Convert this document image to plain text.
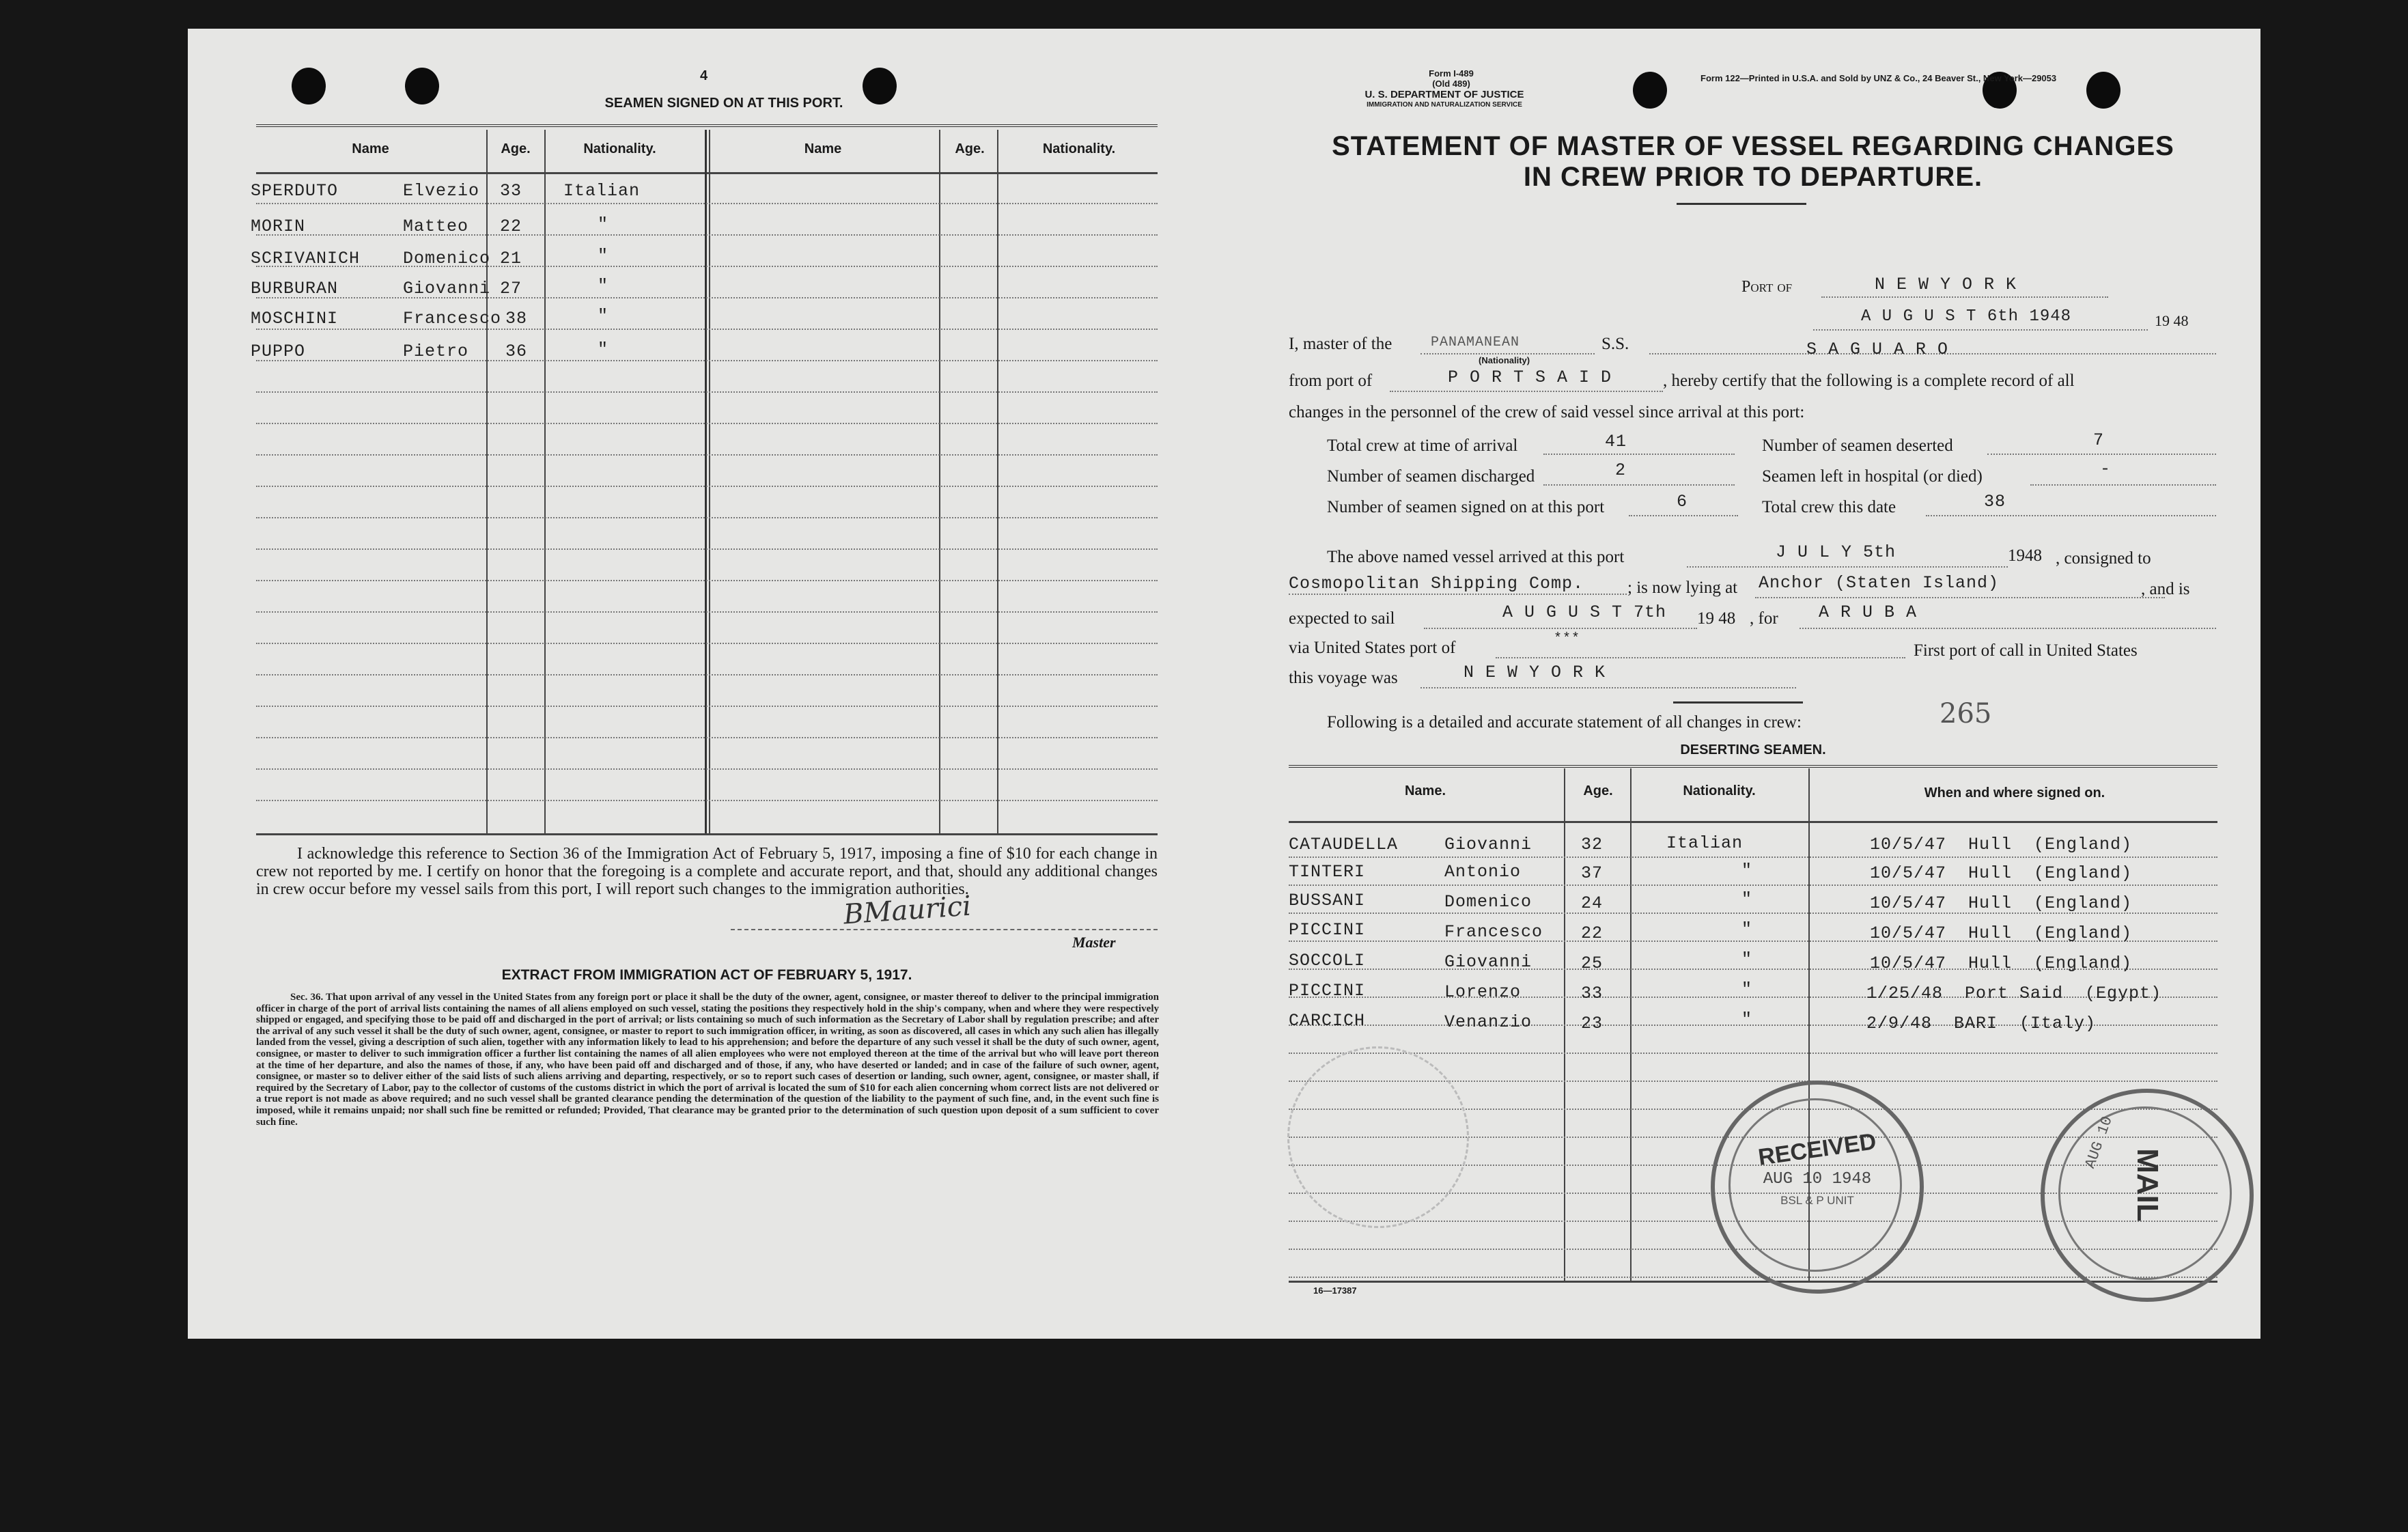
4
SEAMEN SIGNED ON AT THIS PORT.
Name	Age.	Nationality.	Name	Age.	Nationality.
SPERDUTO	Elvezio 33 Italian
MORIN	Matteo 22	"
SCRIVANICH	Domenico 21	"
BURBURAN	Giovanni 27	"
MOSCHINI	Francesco 38	"
PUPPO	Pietro 36	"
I acknowledge this reference to Section 36 of the Immigration Act of February 5, 1917, imposing a fine of $10 for each change in crew not reported by me. I certify on honor that the foregoing is a complete and accurate report, and that, should any additional changes in crew occur before my vessel sails from this port, I will report such changes to the immigration authorities.
BMaurici
Master
EXTRACT FROM IMMIGRATION ACT OF FEBRUARY 5, 1917.
Sec. 36. That upon arrival of any vessel in the United States from any foreign port or place it shall be the duty of the owner, agent, consignee, or master thereof to deliver to the principal immigration officer in charge of the port of arrival lists containing the names of all aliens employed on such vessel, stating the positions they respectively hold in the ship's company, when and where they were respectively shipped or engaged, and specifying those to be paid off and discharged in the port of arrival; or lists containing so much of such information as the Secretary of Labor shall by regulation prescribe; and after the arrival of any such vessel it shall be the duty of such owner, agent, consignee, or master to report to such immigration officer, in writing, as soon as discovered, all cases in which any such alien has illegally landed from the vessel, giving a description of such alien, together with any information likely to lead to his apprehension; and before the departure of any such vessel it shall be the duty of such owner, agent, consignee, or master to deliver to such immigration officer a further list containing the names of all alien employees who were not employed thereon at the time of the arrival but who will leave port thereon at the time of her departure, and also the names of those, if any, who have been paid off and discharged and of those, if any, who have deserted or landed; and in case of the failure of such owner, agent, consignee, or master so to deliver either of the said lists of such aliens arriving and departing, respectively, or so to report such cases of desertion or landing, such owner, agent, consignee, or master shall, if required by the Secretary of Labor, pay to the collector of customs of the customs district in which the port of arrival is located the sum of $10 for each alien concerning whom correct lists are not delivered or a true report is not made as above required; and no such vessel shall be granted clearance pending the determination of the question of the liability to the payment of such fine, and, in the event such fine is imposed, while it remains unpaid; nor shall such fine be remitted or refunded; Provided, That clearance may be granted prior to the determination of such question upon deposit of a sum sufficient to cover such fine.
Form I-489
(Old 489)
U. S. DEPARTMENT OF JUSTICE
IMMIGRATION AND NATURALIZATION SERVICE
Form 122—Printed in U.S.A. and Sold by UNZ & Co., 24 Beaver St., New York—29053
STATEMENT OF MASTER OF VESSEL REGARDING CHANGES
IN CREW PRIOR TO DEPARTURE.
Port of	N E W Y O R K
A U G U S T 6th 1948	19 48
I, master of the	PANAMANEAN
(Nationality)
S.S.	S A G U A R O
from port of	P O R T S A I D	, hereby certify that the following is a complete record of all
changes in the personnel of the crew of said vessel since arrival at this port:
Total crew at time of arrival	41	Number of seamen deserted	7
Number of seamen discharged	2	Seamen left in hospital (or died)	-
Number of seamen signed on at this port	6	Total crew this date	38
The above named vessel arrived at this port	J U L Y 5th	1948 , consigned to
Cosmopolitan Shipping Comp.	; is now lying at Anchor (Staten Island)	, and is
expected to sail	A U G U S T 7th 19 48 , for A R U B A
via United States port of	***
First port of call in United States
this voyage was	N E W Y O R K
Following is a detailed and accurate statement of all changes in crew:	265
DESERTING SEAMEN.
Name.	Age.	Nationality.	When and where signed on.
CATAUDELLA	Giovanni	32	Italian	10/5/47  Hull  (England)
TINTERI	Antonio	37	"	10/5/47  Hull  (England)
BUSSANI	Domenico	24	"	10/5/47  Hull  (England)
PICCINI	Francesco 22	"	10/5/47  Hull  (England)
SOCCOLI	Giovanni	25	"	10/5/47  Hull  (England)
PICCINI	Lorenzo	33	"	1/25/48  Port Said  (Egypt)
CARCICH	Venanzio	23	"	2/9/48  BARI  (Italy)
16—17387
RECEIVED
AUG 10 1948
BSL & P UNIT	MAIL
AUG 10
